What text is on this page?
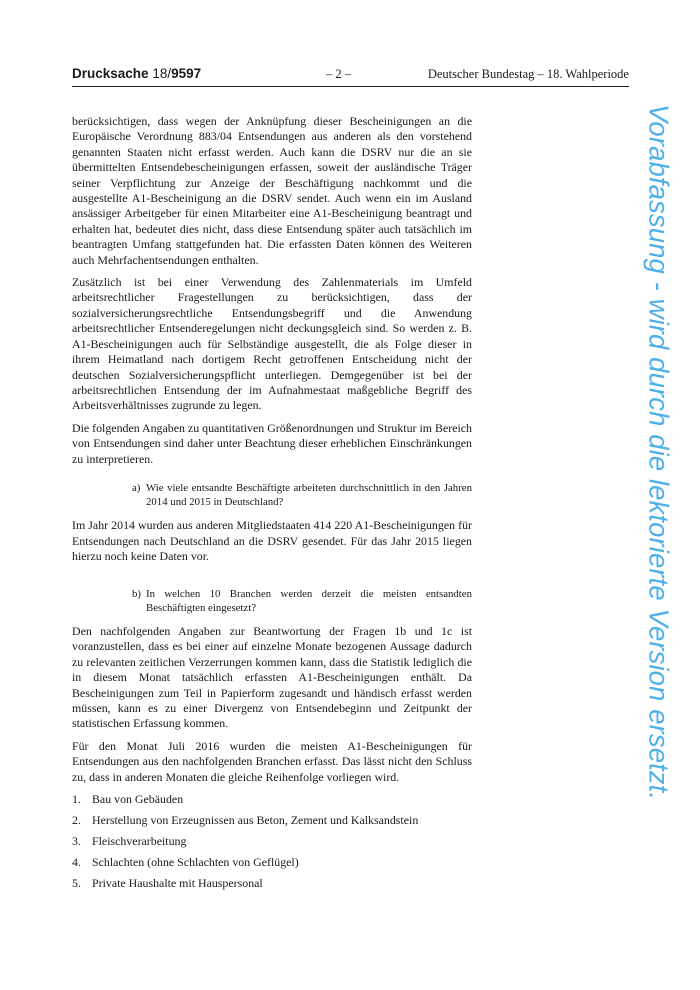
Drucksache 18/9597	– 2 –	Deutscher Bundestag – 18. Wahlperiode

berücksichtigen, dass wegen der Anknüpfung dieser Bescheinigungen an die Europäische Verordnung 883/04 Entsendungen aus anderen als den vorstehend genannten Staaten nicht erfasst werden. Auch kann die DSRV nur die an sie übermittelten Entsendebescheinigungen erfassen, soweit der ausländische Träger seiner Verpflichtung zur Anzeige der Beschäftigung nachkommt und die ausgestellte A1-Bescheinigung an die DSRV sendet. Auch wenn ein im Ausland ansässiger Arbeitgeber für einen Mitarbeiter eine A1-Bescheinigung beantragt und erhalten hat, bedeutet dies nicht, dass diese Entsendung später auch tatsächlich im beantragten Umfang stattgefunden hat. Die erfassten Daten können des Weiteren auch Mehrfachentsendungen enthalten.

Zusätzlich ist bei einer Verwendung des Zahlenmaterials im Umfeld arbeitsrechtlicher Fragestellungen zu berücksichtigen, dass der sozialversicherungsrechtliche Entsendungsbegriff und die Anwendung arbeitsrechtlicher Entsenderegelungen nicht deckungsgleich sind. So werden z. B. A1-Bescheinigungen auch für Selbständige ausgestellt, die als Folge dieser in ihrem Heimatland nach dortigem Recht getroffenen Entscheidung nicht der deutschen Sozialversicherungspflicht unterliegen. Demgegenüber ist bei der arbeitsrechtlichen Entsendung der im Aufnahmestaat maßgebliche Begriff des Arbeitsverhältnisses zugrunde zu legen.

Die folgenden Angaben zu quantitativen Größenordnungen und Struktur im Bereich von Entsendungen sind daher unter Beachtung dieser erheblichen Einschränkungen zu interpretieren.

a) Wie viele entsandte Beschäftigte arbeiteten durchschnittlich in den Jahren 2014 und 2015 in Deutschland?

Im Jahr 2014 wurden aus anderen Mitgliedstaaten 414 220 A1-Bescheinigungen für Entsendungen nach Deutschland an die DSRV gesendet. Für das Jahr 2015 liegen hierzu noch keine Daten vor.

b) In welchen 10 Branchen werden derzeit die meisten entsandten Beschäftigten eingesetzt?

Den nachfolgenden Angaben zur Beantwortung der Fragen 1b und 1c ist voranzustellen, dass es bei einer auf einzelne Monate bezogenen Aussage dadurch zu relevanten zeitlichen Verzerrungen kommen kann, dass die Statistik lediglich die in diesem Monat tatsächlich erfassten A1-Bescheinigungen enthält. Da Bescheinigungen zum Teil in Papierform zugesandt und händisch erfasst werden müssen, kann es zu einer Divergenz von Entsendebeginn und Zeitpunkt der statistischen Erfassung kommen.

Für den Monat Juli 2016 wurden die meisten A1-Bescheinigungen für Entsendungen aus den nachfolgenden Branchen erfasst. Das lässt nicht den Schluss zu, dass in anderen Monaten die gleiche Reihenfolge vorliegen wird.

1. Bau von Gebäuden
2. Herstellung von Erzeugnissen aus Beton, Zement und Kalksandstein
3. Fleischverarbeitung
4. Schlachten (ohne Schlachten von Geflügel)
5. Private Haushalte mit Hauspersonal
Vorabfassung - wird durch die lektorierte Version ersetzt.
